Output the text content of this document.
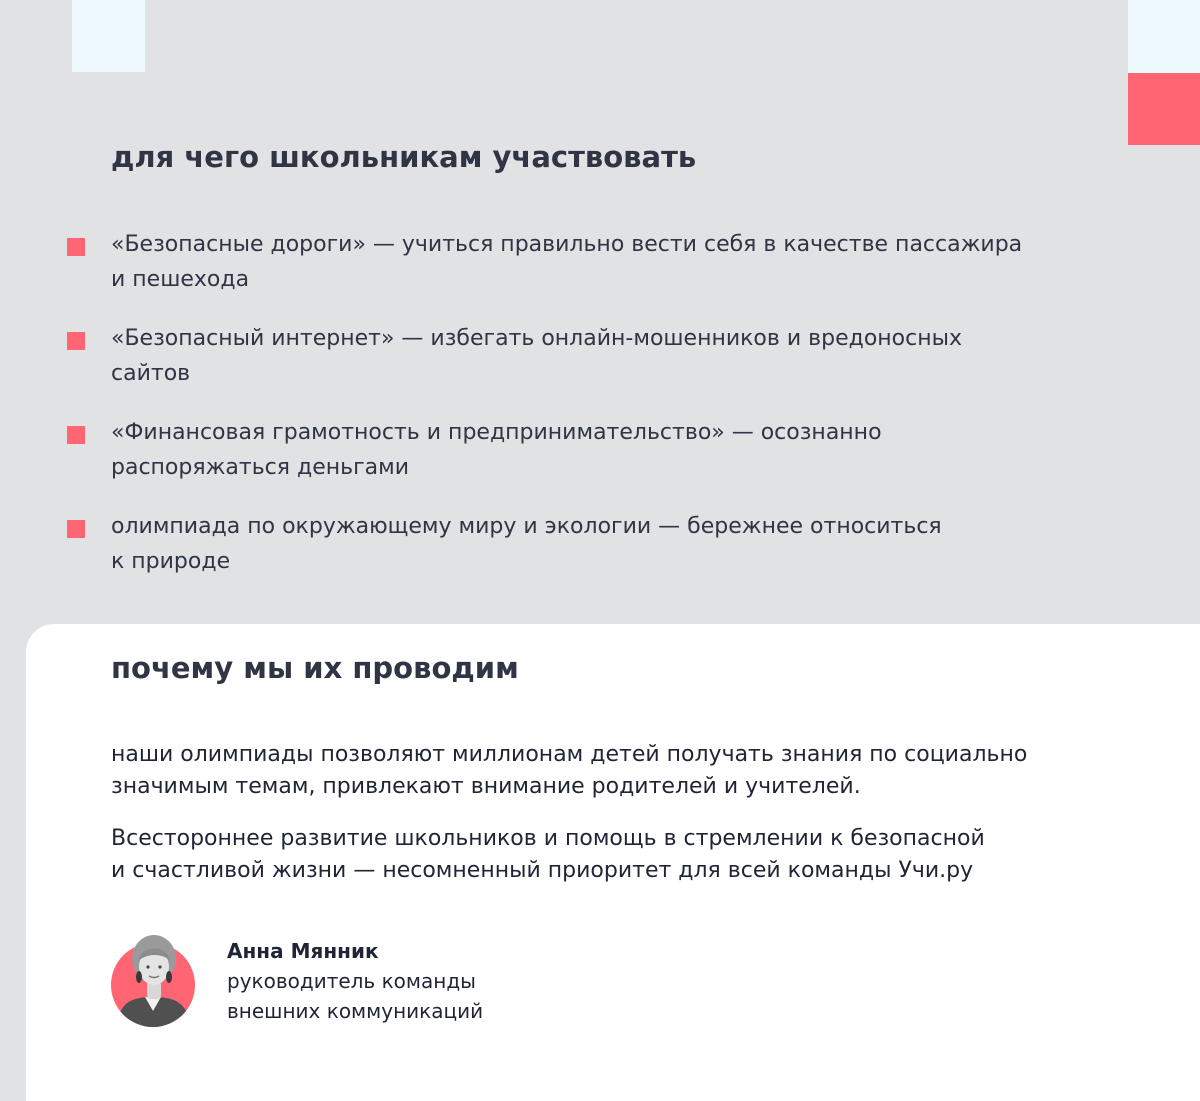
для чего школьникам участвовать
«Безопасные дороги» — учиться правильно вести себя в качестве пассажира
и пешехода
«Безопасный интернет» — избегать онлайн-мошенников и вредоносных
сайтов
«Финансовая грамотность и предпринимательство» — осознанно
распоряжаться деньгами
олимпиада по окружающему миру и экологии — бережнее относиться
к природе
почему мы их проводим

наши олимпиады позволяют миллионам детей получать знания по социально
значимым темам, привлекают внимание родителей и учителей.

Всестороннее развитие школьников и помощь в стремлении к безопасной
и счастливой жизни — несомненный приоритет для всей команды Учи.ру

Анна Мянник
руководитель команды
внешних коммуникаций
